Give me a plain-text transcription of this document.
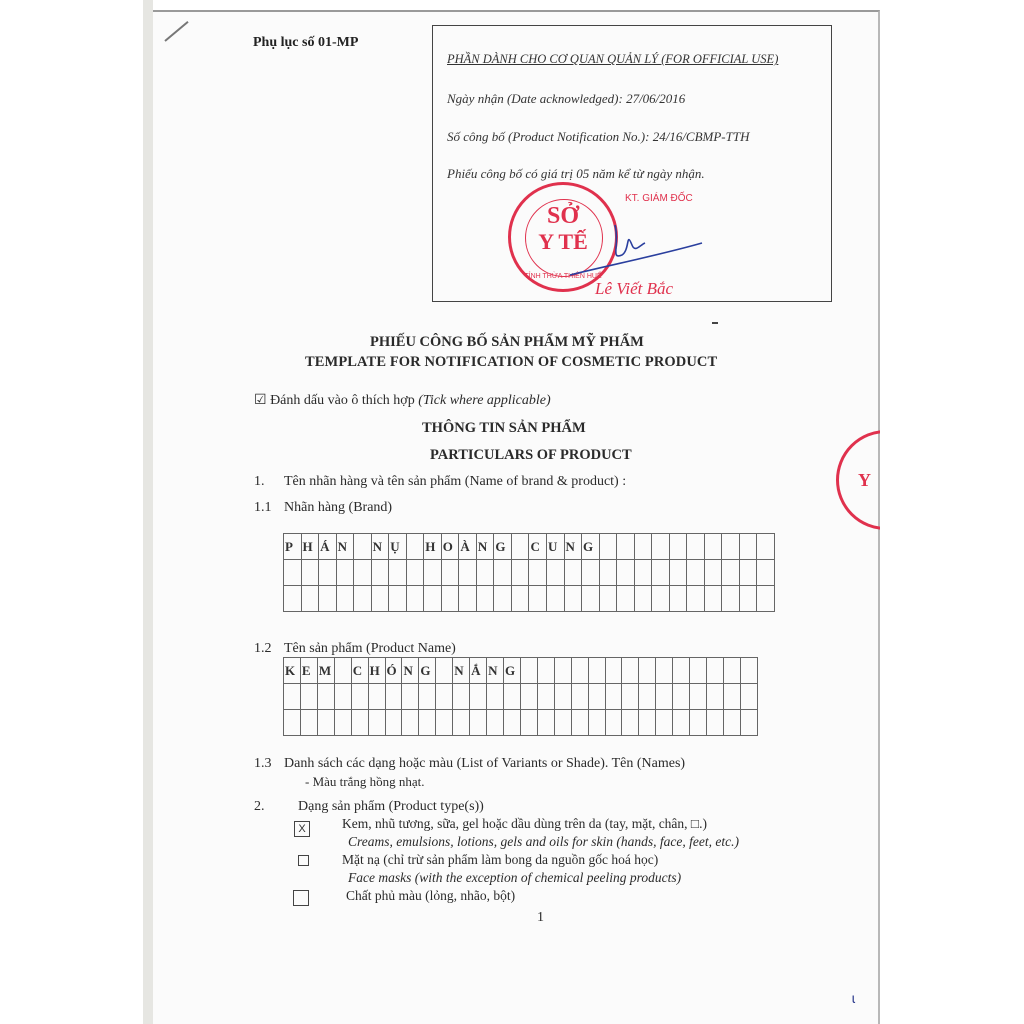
Phụ lục số 01-MP
PHẦN DÀNH CHO CƠ QUAN QUẢN LÝ (FOR OFFICIAL USE)
Ngày nhận (Date acknowledged): 27/06/2016
Số công bố (Product Notification No.): 24/16/CBMP-TTH
Phiếu công bố có giá trị 05 năm kể từ ngày nhận.
SỞ
Y TẾ
TỈNH THỪA THIÊN HUẾ
KT. GIÁM ĐỐC
Lê Viết Bắc
PHIẾU CÔNG BỐ SẢN PHẨM MỸ PHẨM
TEMPLATE FOR NOTIFICATION OF COSMETIC PRODUCT
☑ Đánh dấu vào ô thích hợp (Tick where applicable)
THÔNG TIN SẢN PHẨM
PARTICULARS OF PRODUCT
1. Tên nhãn hàng và tên sản phẩm (Name of brand & product) :
1.1 Nhãn hàng (Brand)
P	H	Á	N		N	Ụ		H	O	À	N	G		C	U	N	G										

1.2 Tên sản phẩm (Product Name)
K	E	M		C	H	Ó	N	G		N	Ắ	N	G														

1.3 Danh sách các dạng hoặc màu (List of Variants or Shade). Tên (Names)
- Màu trắng hồng nhạt.
2. Dạng sản phẩm (Product type(s))
X	Kem, nhũ tương, sữa, gel hoặc dầu dùng trên da (tay, mặt, chân, □.)
Creams, emulsions, lotions, gels and oils for skin (hands, face, feet, etc.)
Mặt nạ (chỉ trừ sản phẩm làm bong da nguồn gốc hoá học)
Face masks (with the exception of chemical peeling products)
Chất phủ màu (lỏng, nhão, bột)
1
Y
ɩ
